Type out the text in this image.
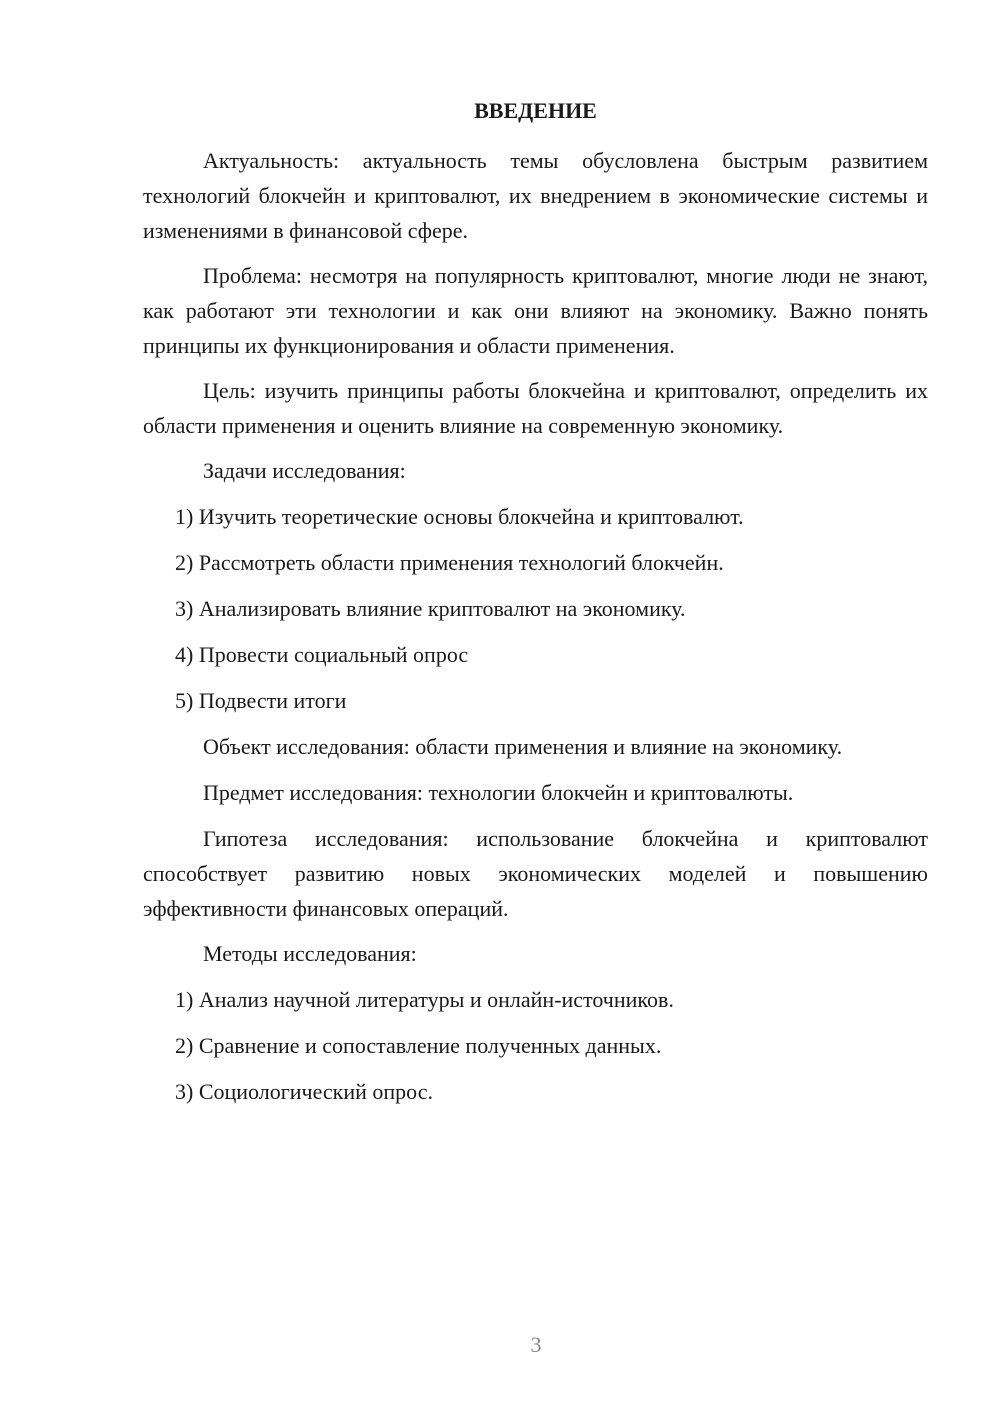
ВВЕДЕНИЕ

Актуальность: актуальность темы обусловлена быстрым развитием технологий блокчейн и криптовалют, их внедрением в экономические системы и изменениями в финансовой сфере.

Проблема: несмотря на популярность криптовалют, многие люди не знают, как работают эти технологии и как они влияют на экономику. Важно понять принципы их функционирования и области применения.

Цель: изучить принципы работы блокчейна и криптовалют, определить их области применения и оценить влияние на современную экономику.

Задачи исследования:

1) Изучить теоретические основы блокчейна и криптовалют.
2) Рассмотреть области применения технологий блокчейн.
3) Анализировать влияние криптовалют на экономику.
4) Провести социальный опрос
5) Подвести итоги

Объект исследования: области применения и влияние на экономику.

Предмет исследования: технологии блокчейн и криптовалюты.

Гипотеза исследования: использование блокчейна и криптовалют способствует развитию новых экономических моделей и повышению эффективности финансовых операций.

Методы исследования:

1) Анализ научной литературы и онлайн-источников.
2) Сравнение и сопоставление полученных данных.
3) Социологический опрос.
3
